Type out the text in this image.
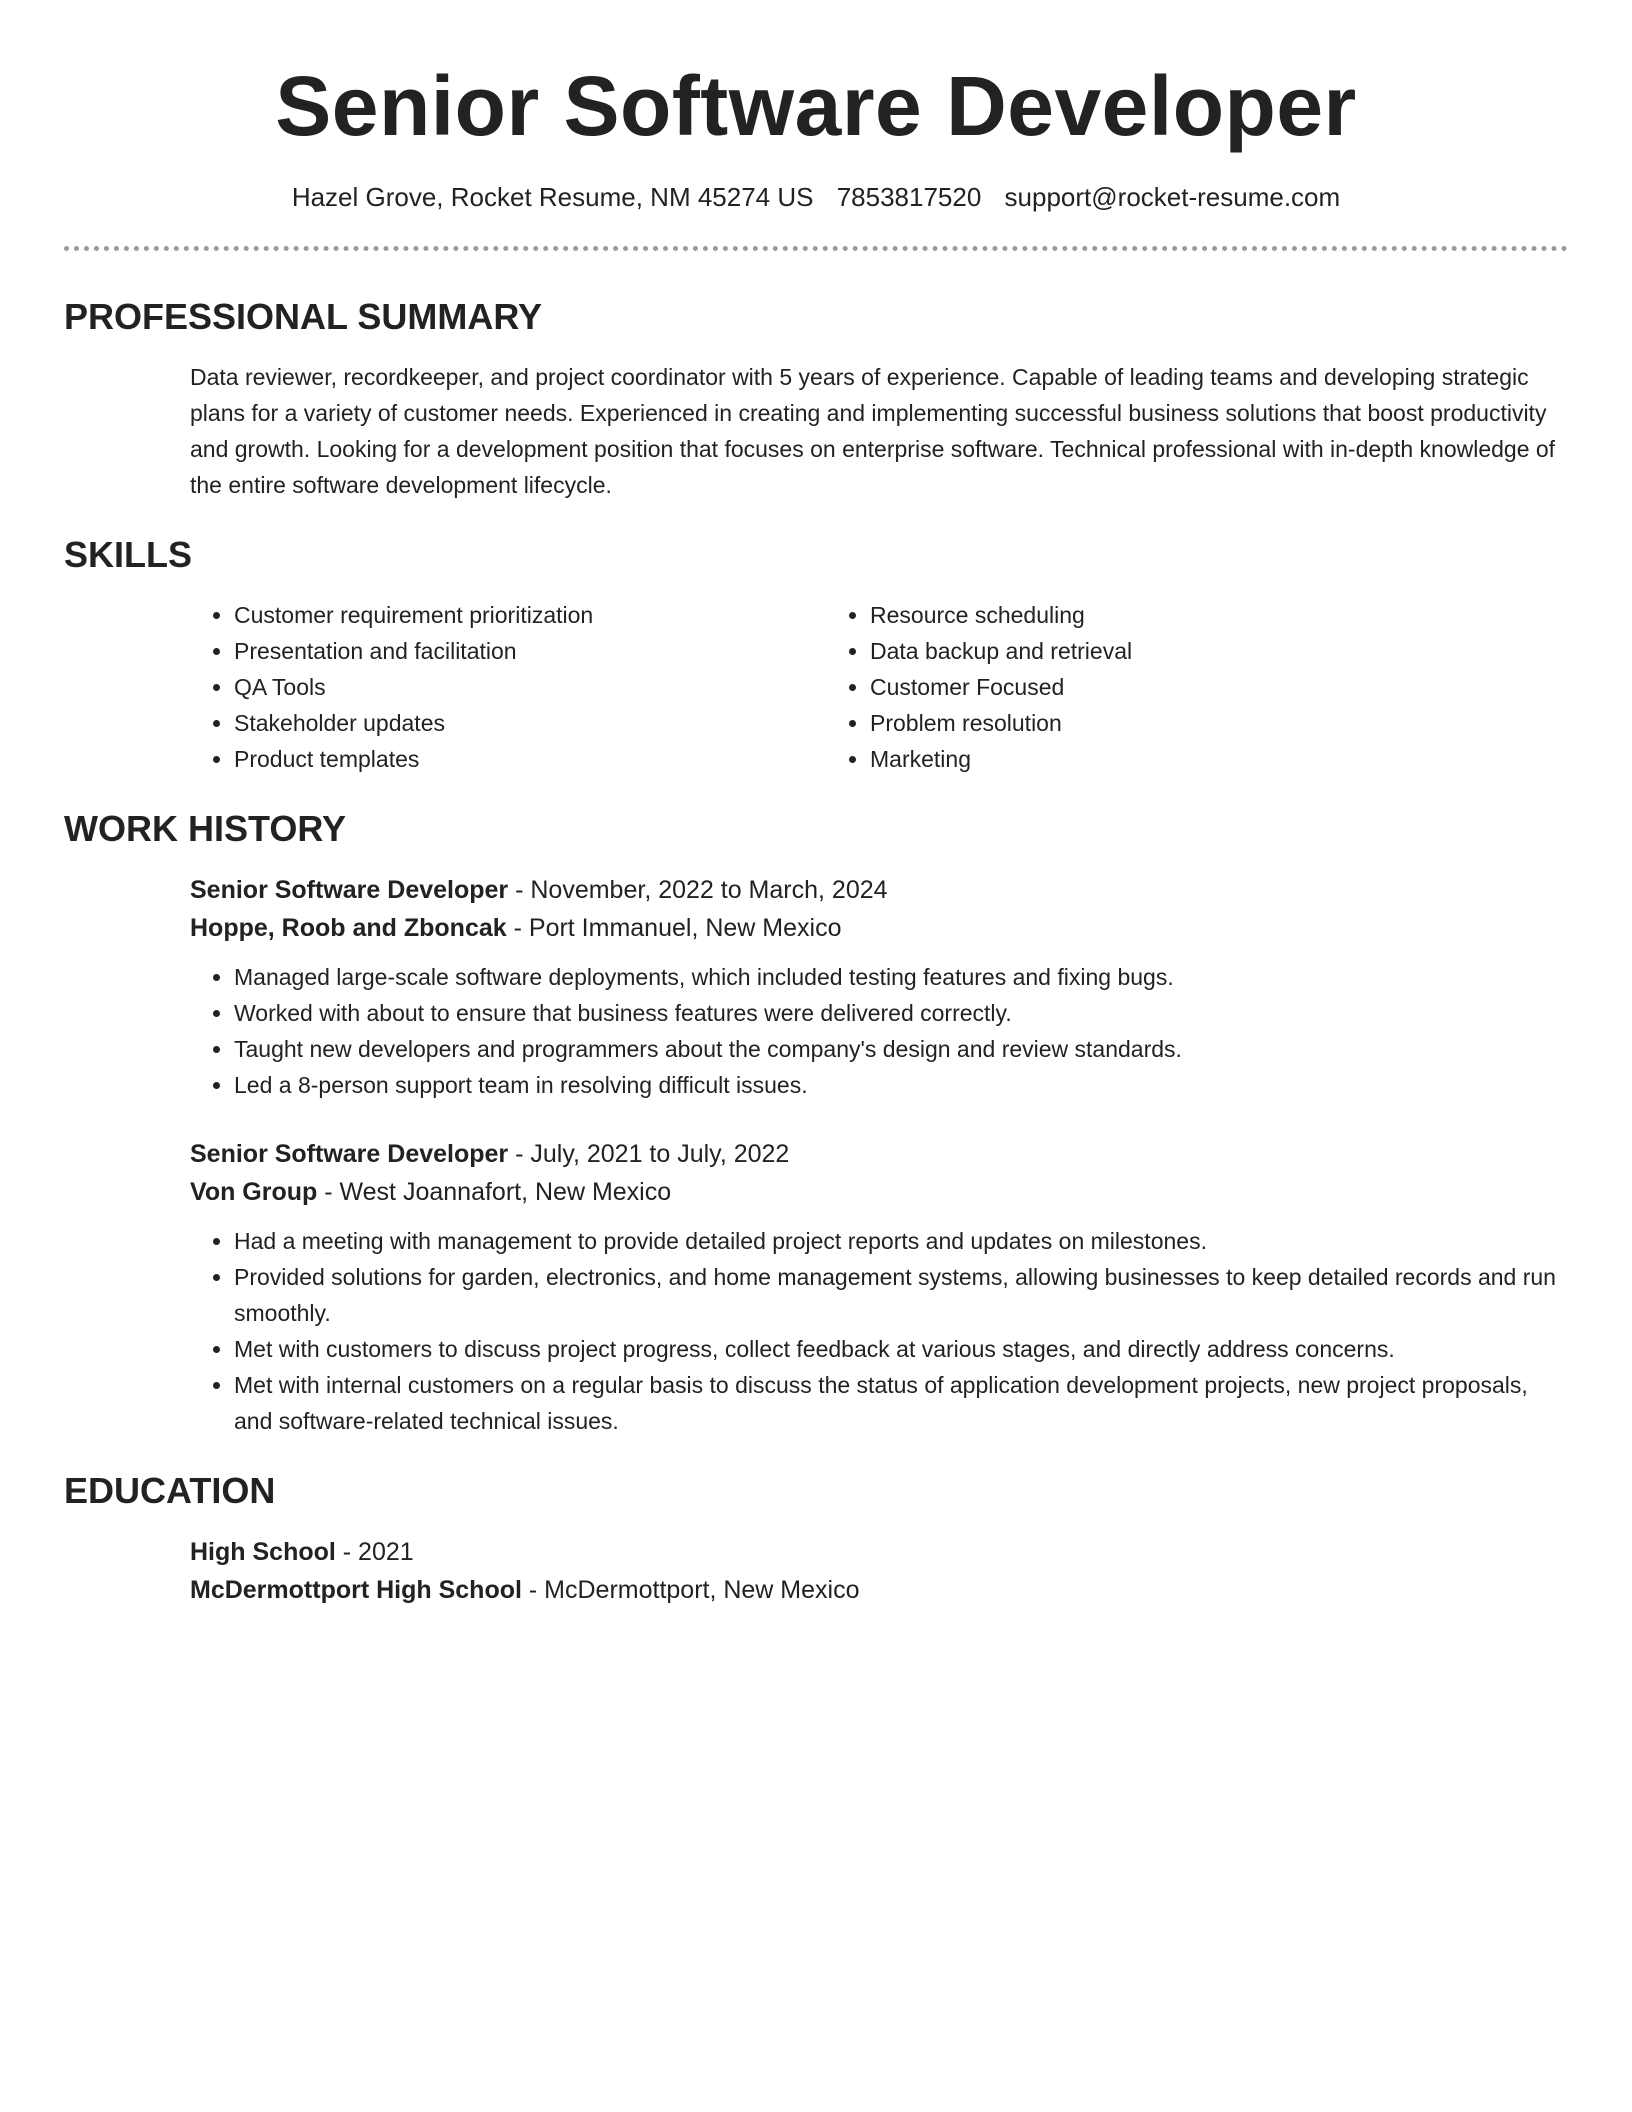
Senior Software Developer
Hazel Grove, Rocket Resume, NM 45274 US 7853817520 support@rocket-resume.com
PROFESSIONAL SUMMARY

Data reviewer, recordkeeper, and project coordinator with 5 years of experience. Capable of leading teams and developing strategic plans for a variety of customer needs. Experienced in creating and implementing successful business solutions that boost productivity and growth. Looking for a development position that focuses on enterprise software. Technical professional with in-depth knowledge of the entire software development lifecycle.

SKILLS
• Customer requirement prioritization
• Presentation and facilitation
• QA Tools
• Stakeholder updates
• Product templates
• Resource scheduling
• Data backup and retrieval
• Customer Focused
• Problem resolution
• Marketing
WORK HISTORY
Senior Software Developer - November, 2022 to March, 2024
Hoppe, Roob and Zboncak - Port Immanuel, New Mexico
• Managed large-scale software deployments, which included testing features and fixing bugs.
• Worked with about to ensure that business features were delivered correctly.
• Taught new developers and programmers about the company's design and review standards.
• Led a 8-person support team in resolving difficult issues.
Senior Software Developer - July, 2021 to July, 2022
Von Group - West Joannafort, New Mexico
• Had a meeting with management to provide detailed project reports and updates on milestones.
• Provided solutions for garden, electronics, and home management systems, allowing businesses to keep detailed records and run smoothly.
• Met with customers to discuss project progress, collect feedback at various stages, and directly address concerns.
• Met with internal customers on a regular basis to discuss the status of application development projects, new project proposals, and software-related technical issues.
EDUCATION
High School - 2021
McDermottport High School - McDermottport, New Mexico
